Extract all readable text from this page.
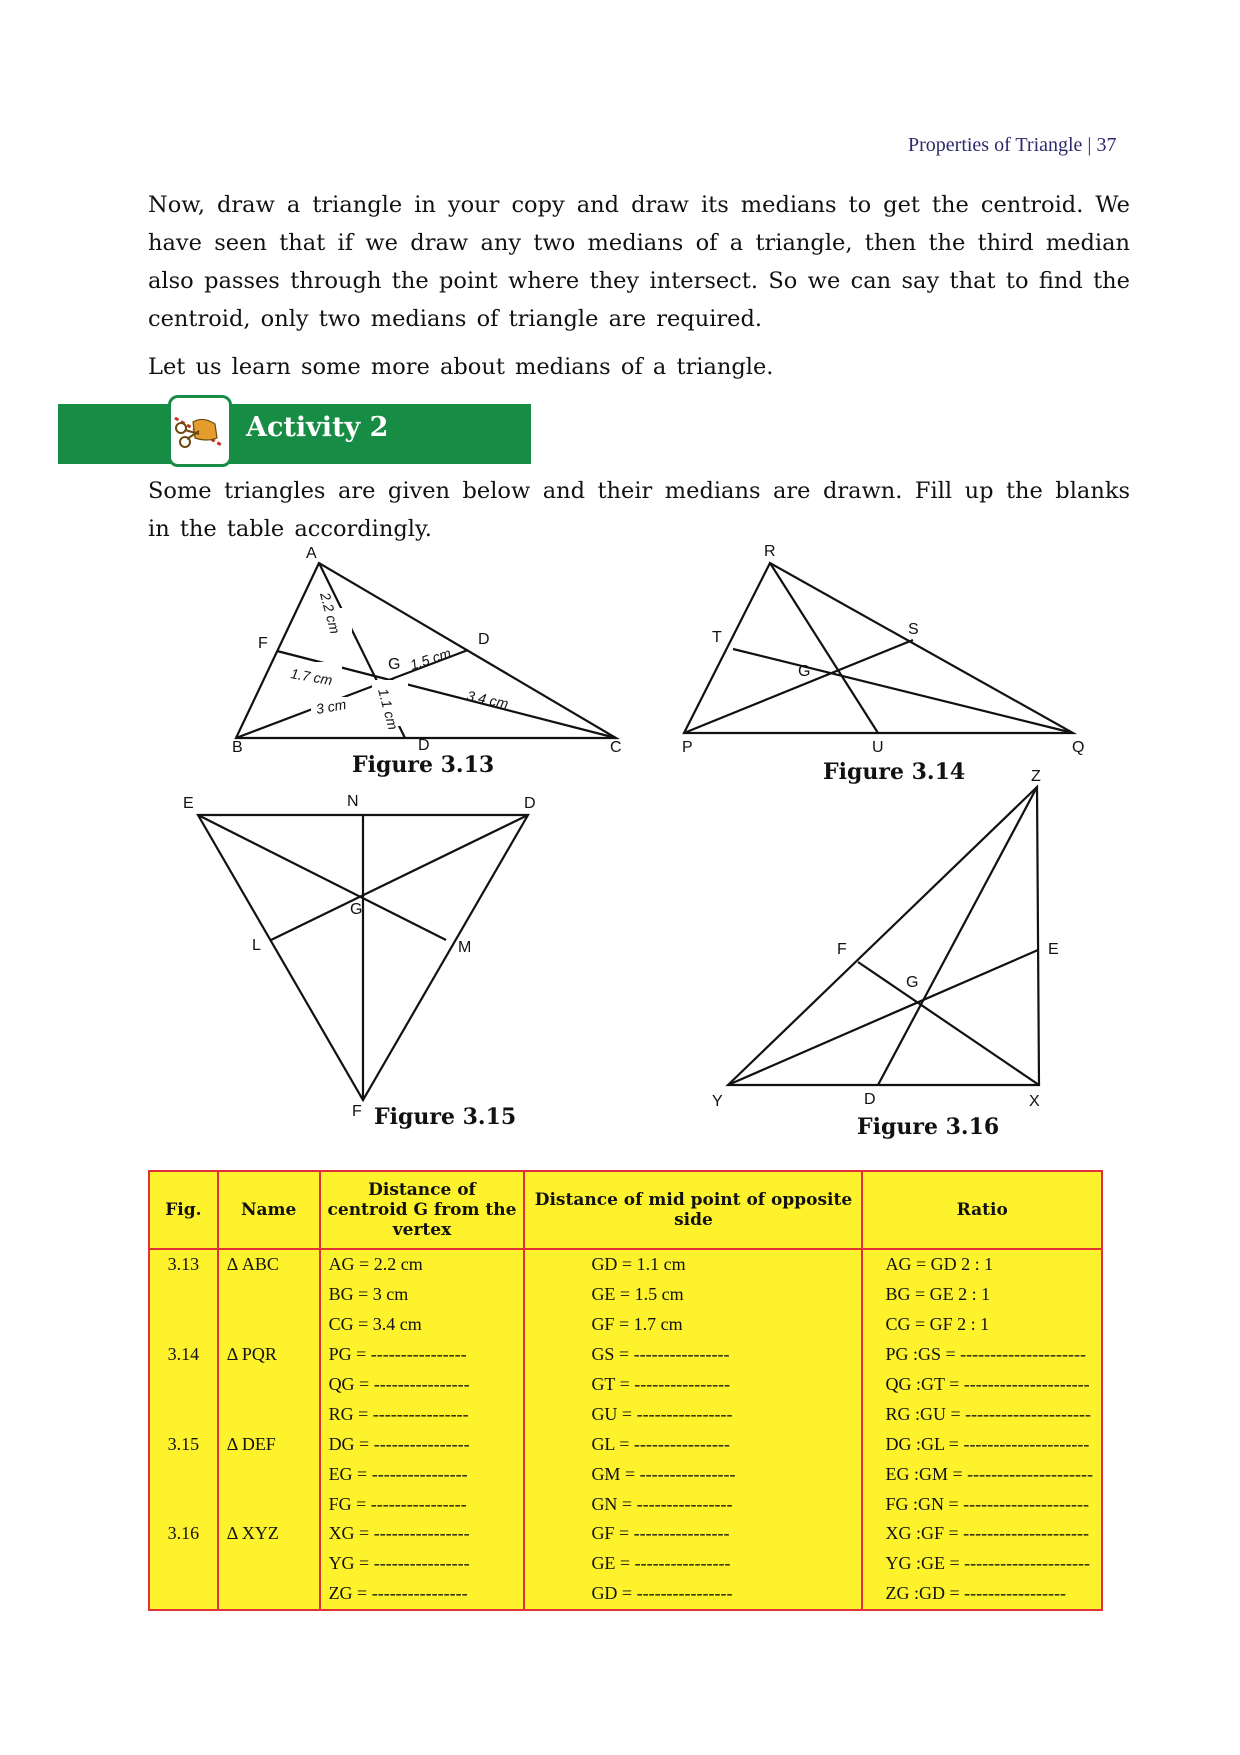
Properties of Triangle | 37

Now, draw a triangle in your copy and draw its medians to get the centroid. We have seen that if we draw any two medians of a triangle, then the third median also passes through the point where they intersect. So we can say that to find the centroid, only two medians of triangle are required.

Let us learn some more about medians of a triangle.

Activity 2

Some triangles are given below and their medians are drawn. Fill up the blanks in the table accordingly.

A
B	C
D
D
F
G
2.2 cm
1.5 cm
3.4 cm
1.7 cm
3 cm 1.1 cm
Figure 3.13
R
P	Q
S
T
U
G
Figure 3.14
E	D
F
N
L	M
G
Figure 3.15
Z
Y	X
E
F
D
G
Figure 3.16
Fig.	Name	Distance of centroid G from the vertex	Distance of mid point of opposite side	Ratio
3.13	Δ ABC	AG = 2.2 cm	GD = 1.1 cm	AG = GD 2 : 1
		BG = 3 cm	GE = 1.5 cm	BG = GE 2 : 1
		CG = 3.4 cm	GF = 1.7 cm	CG = GF 2 : 1
3.14	Δ PQR	PG = ----------------	GS = ----------------	PG :GS = ---------------------
		QG = ----------------	GT = ----------------	QG :GT = ---------------------
		RG = ----------------	GU = ----------------	RG :GU = ---------------------
3.15	Δ DEF	DG = ----------------	GL = ----------------	DG :GL = ---------------------
		EG = ----------------	GM = ----------------	EG :GM = ---------------------
		FG = ----------------	GN = ----------------	FG :GN = ---------------------
3.16	Δ XYZ	XG = ----------------	GF = ----------------	XG :GF = ---------------------
		YG = ----------------	GE = ----------------	YG :GE = ---------------------
		ZG = ----------------	GD = ----------------	ZG :GD = -----------------
